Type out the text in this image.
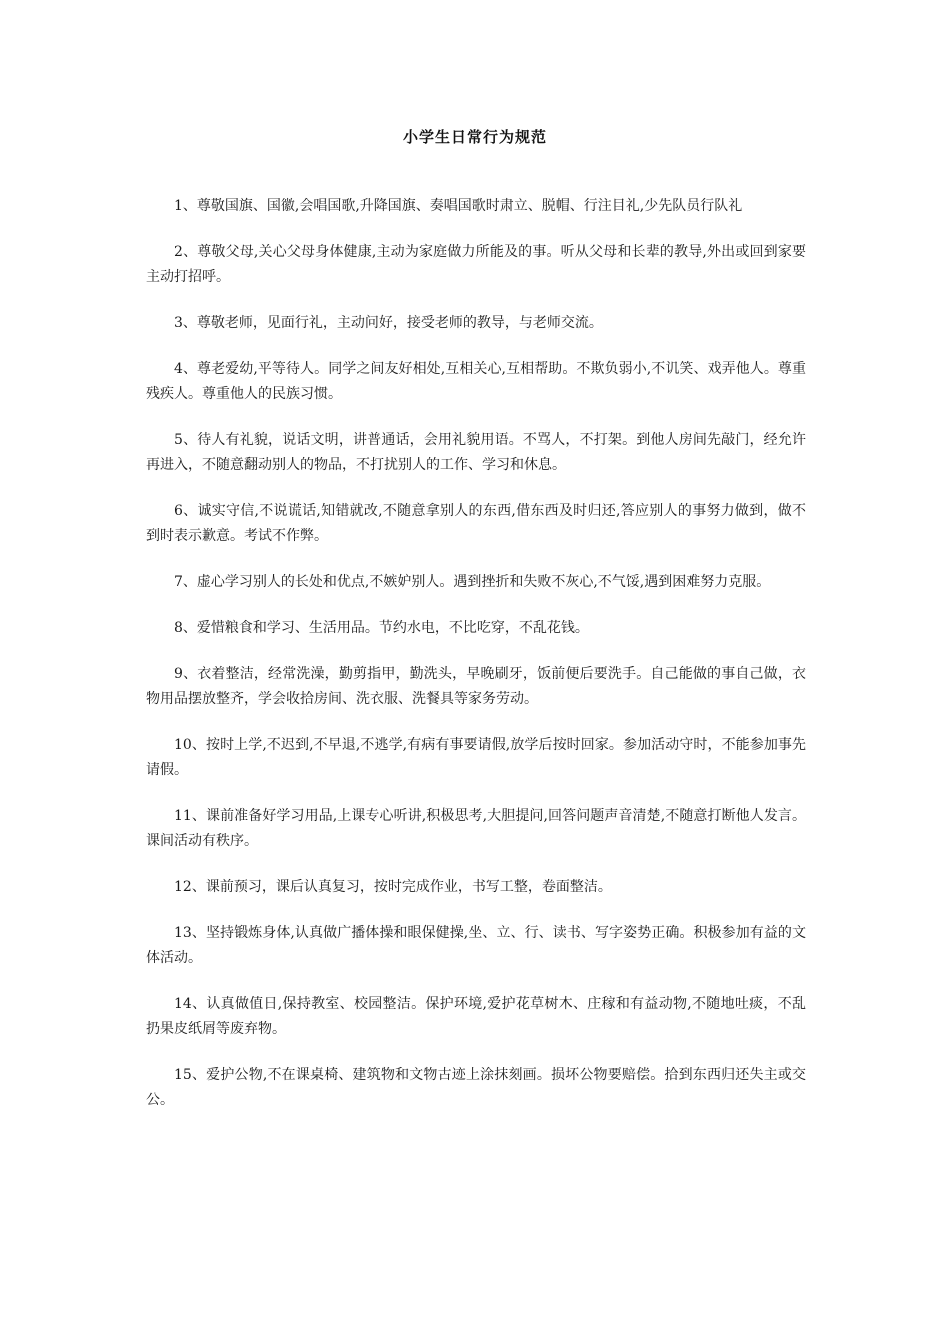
小学生日常行为规范
1、尊敬国旗、国徽,会唱国歌,升降国旗、奏唱国歌时肃立、脱帽、行注目礼,少先队员行队礼
2、尊敬父母,关心父母身体健康,主动为家庭做力所能及的事。听从父母和长辈的教导,外出或回到家要主动打招呼。
3、尊敬老师，见面行礼，主动问好，接受老师的教导，与老师交流。
4、尊老爱幼,平等待人。同学之间友好相处,互相关心,互相帮助。不欺负弱小,不讥笑、戏弄他人。尊重残疾人。尊重他人的民族习惯。
5、待人有礼貌，说话文明，讲普通话，会用礼貌用语。不骂人，不打架。到他人房间先敲门，经允许再进入，不随意翻动别人的物品，不打扰别人的工作、学习和休息。
6、诚实守信,不说谎话,知错就改,不随意拿别人的东西,借东西及时归还,答应别人的事努力做到，做不到时表示歉意。考试不作弊。
7、虚心学习别人的长处和优点,不嫉妒别人。遇到挫折和失败不灰心,不气馁,遇到困难努力克服。
8、爱惜粮食和学习、生活用品。节约水电，不比吃穿，不乱花钱。
9、衣着整洁，经常洗澡，勤剪指甲，勤洗头，早晚刷牙，饭前便后要洗手。自己能做的事自己做，衣物用品摆放整齐，学会收拾房间、洗衣服、洗餐具等家务劳动。
10、按时上学,不迟到,不早退,不逃学,有病有事要请假,放学后按时回家。参加活动守时，不能参加事先请假。
11、课前准备好学习用品,上课专心听讲,积极思考,大胆提问,回答问题声音清楚,不随意打断他人发言。课间活动有秩序。
12、课前预习，课后认真复习，按时完成作业，书写工整，卷面整洁。
13、坚持锻炼身体,认真做广播体操和眼保健操,坐、立、行、读书、写字姿势正确。积极参加有益的文体活动。
14、认真做值日,保持教室、校园整洁。保护环境,爱护花草树木、庄稼和有益动物,不随地吐痰，不乱扔果皮纸屑等废弃物。
15、爱护公物,不在课桌椅、建筑物和文物古迹上涂抹刻画。损坏公物要赔偿。拾到东西归还失主或交公。
